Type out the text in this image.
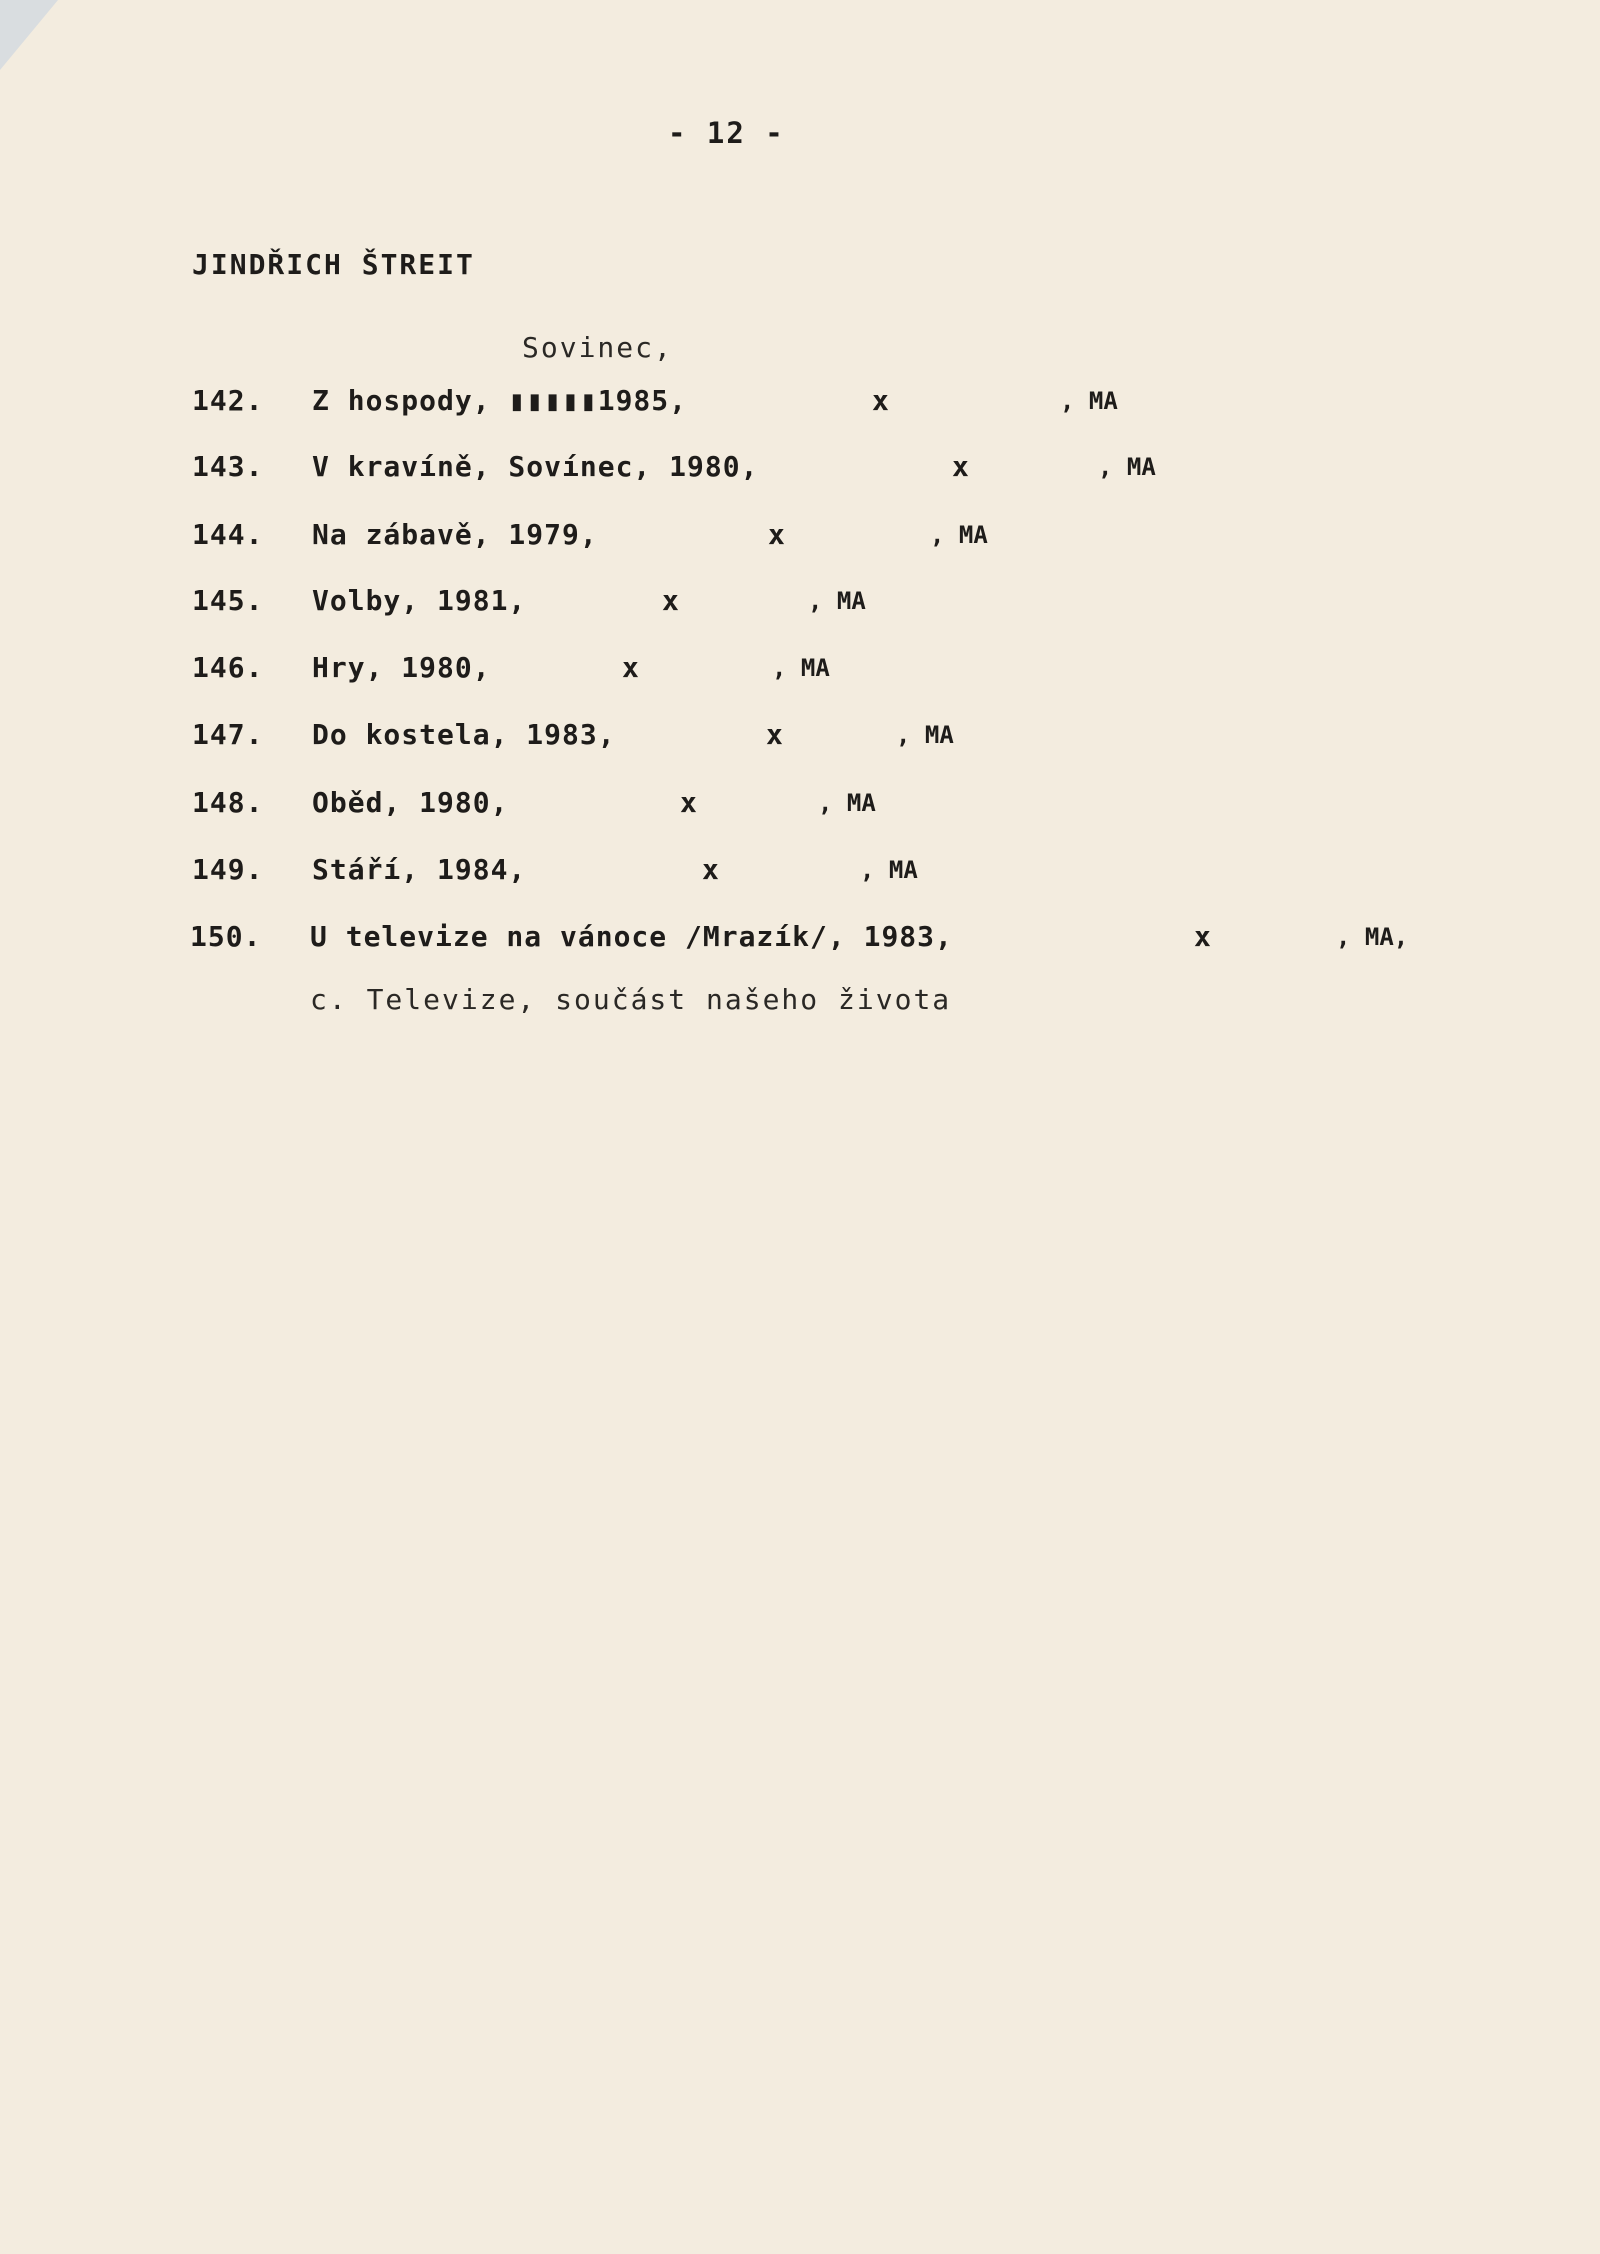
- 12 -
JINDŘICH ŠTREIT
Sovinec,
142. Z hospody, ▮▮▮▮▮1985,	x	, MA
143. V kravíně, Sovínec, 1980,	x	, MA
144. Na zábavě, 1979,	x	, MA
145. Volby, 1981,	x	, MA
146. Hry, 1980,	x	, MA
147. Do kostela, 1983,	x	, MA
148. Oběd, 1980,	x	, MA
149. Stáří, 1984,	x	, MA
150. U televize na vánoce /Mrazík/, 1983,	x	, MA,
c. Televize, součást našeho života
